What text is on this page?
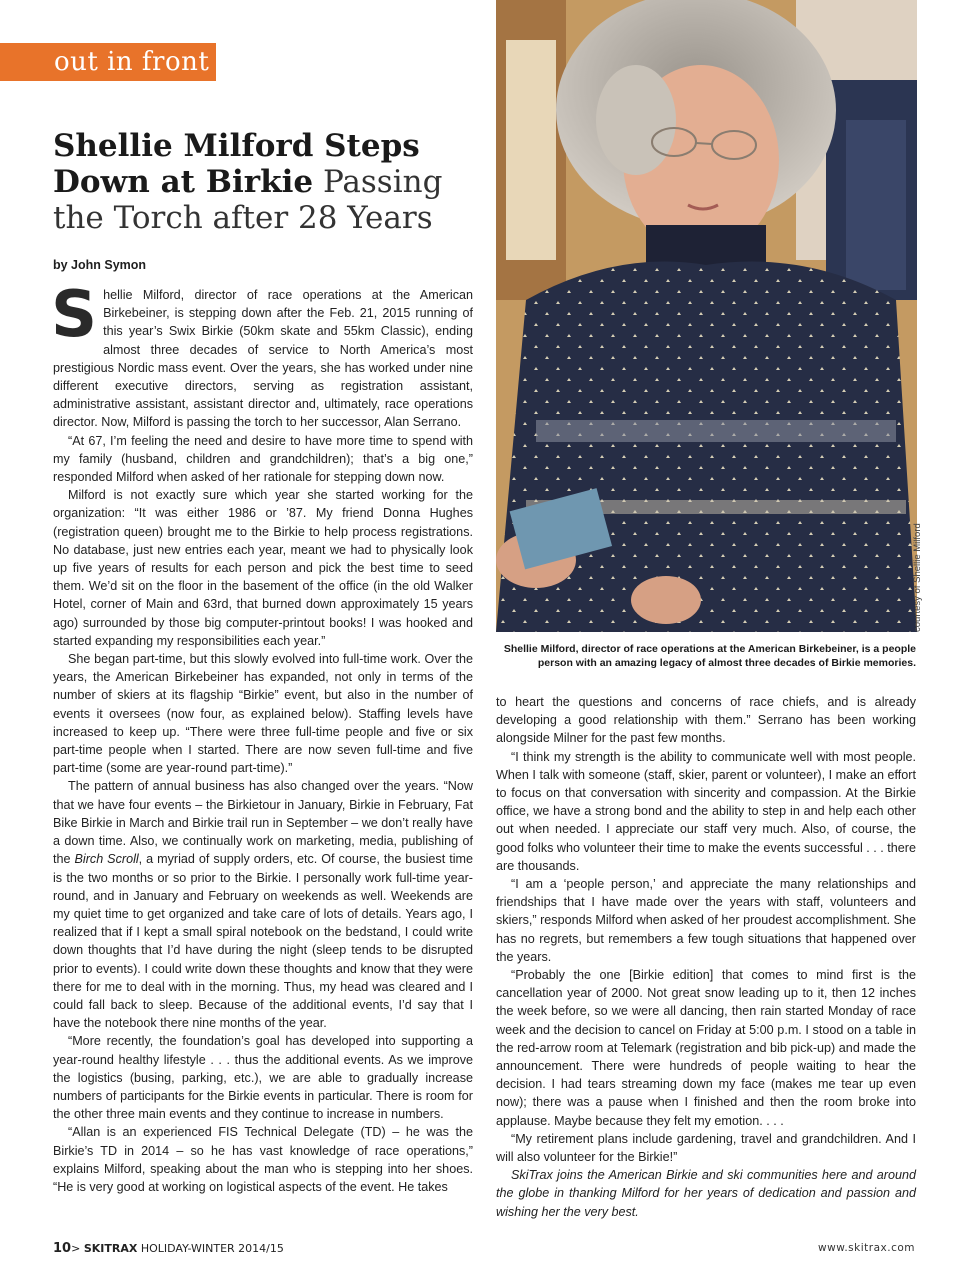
out in front
Shellie Milford Steps Down at Birkie Passing the Torch after 28 Years
by John Symon

Shellie Milford, director of race operations at the American Birkebeiner, is stepping down after the Feb. 21, 2015 running of this year’s Swix Birkie (50km skate and 55km Classic), ending almost three decades of service to North America’s most prestigious Nordic mass event. Over the years, she has worked under nine different executive directors, serving as registration assistant, administrative assistant, assistant director and, ultimately, race operations director. Now, Milford is passing the torch to her successor, Alan Serrano.

“At 67, I’m feeling the need and desire to have more time to spend with my family (husband, children and grandchildren); that’s a big one,” responded Milford when asked of her rationale for stepping down now.

Milford is not exactly sure which year she started working for the organization: “It was either 1986 or ’87. My friend Donna Hughes (registration queen) brought me to the Birkie to help process registrations. No database, just new entries each year, meant we had to physically look up five years of results for each person and pick the best time to seed them. We’d sit on the floor in the basement of the office (in the old Walker Hotel, corner of Main and 63rd, that burned down approximately 15 years ago) surrounded by those big computer-printout books! I was hooked and started expanding my responsibilities each year.”

She began part-time, but this slowly evolved into full-time work. Over the years, the American Birkebeiner has expanded, not only in terms of the number of skiers at its flagship “Birkie” event, but also in the number of events it oversees (now four, as explained below). Staffing levels have increased to keep up. “There were three full-time people and five or six part-time people when I started. There are now seven full-time and five part-time (some are year-round part-time).”

The pattern of annual business has also changed over the years. “Now that we have four events – the Birkietour in January, Birkie in February, Fat Bike Birkie in March and Birkie trail run in September – we don’t really have a down time. Also, we continually work on marketing, media, publishing of the Birch Scroll, a myriad of supply orders, etc. Of course, the busiest time is the two months or so prior to the Birkie. I personally work full-time year-round, and in January and February on weekends as well. Weekends are my quiet time to get organized and take care of lots of details. Years ago, I realized that if I kept a small spiral notebook on the bedstand, I could write down thoughts that I’d have during the night (sleep tends to be disrupted prior to events). I could write down these thoughts and know that they were there for me to deal with in the morning. Thus, my head was cleared and I could fall back to sleep. Because of the additional events, I’d say that I have the notebook there nine months of the year.

“More recently, the foundation’s goal has developed into supporting a year-round healthy lifestyle . . . thus the additional events. As we improve the logistics (busing, parking, etc.), we are able to gradually increase numbers of participants for the Birkie events in particular. There is room for the other three main events and they continue to increase in numbers.

“Allan is an experienced FIS Technical Delegate (TD) – he was the Birkie’s TD in 2014 – so he has vast knowledge of race operations,” explains Milford, speaking about the man who is stepping into her shoes. “He is very good at working on logistical aspects of the event. He takes

courtesy of Shellie Milford
Shellie Milford, director of race operations at the American Birkebeiner, is a people
person with an amazing legacy of almost three decades of Birkie memories.

to heart the questions and concerns of race chiefs, and is already developing a good relationship with them.” Serrano has been working alongside Milner for the past few months.

“I think my strength is the ability to communicate well with most people. When I talk with someone (staff, skier, parent or volunteer), I make an effort to focus on that conversation with sincerity and compassion. At the Birkie office, we have a strong bond and the ability to step in and help each other out when needed. I appreciate our staff very much. Also, of course, the good folks who volunteer their time to make the events successful . . . there are thousands.

“I am a ‘people person,’ and appreciate the many relationships and friendships that I have made over the years with staff, volunteers and skiers,” responds Milford when asked of her proudest accomplishment. She has no regrets, but remembers a few tough situations that happened over the years.

“Probably the one [Birkie edition] that comes to mind first is the cancellation year of 2000. Not great snow leading up to it, then 12 inches the week before, so we were all dancing, then rain started Monday of race week and the decision to cancel on Friday at 5:00 p.m. I stood on a table in the red-arrow room at Telemark (registration and bib pick-up) and made the announcement. There were hundreds of people waiting to hear the decision. I had tears streaming down my face (makes me tear up even now); there was a pause when I finished and then the room broke into applause. Maybe because they felt my emotion. . . .

“My retirement plans include gardening, travel and grandchildren. And I will also volunteer for the Birkie!”

SkiTrax joins the American Birkie and ski communities here and around the globe in thanking Milford for her years of dedication and passion and wishing her the very best.

10> SKITRAX HOLIDAY-WINTER 2014/15	www.skitrax.com
